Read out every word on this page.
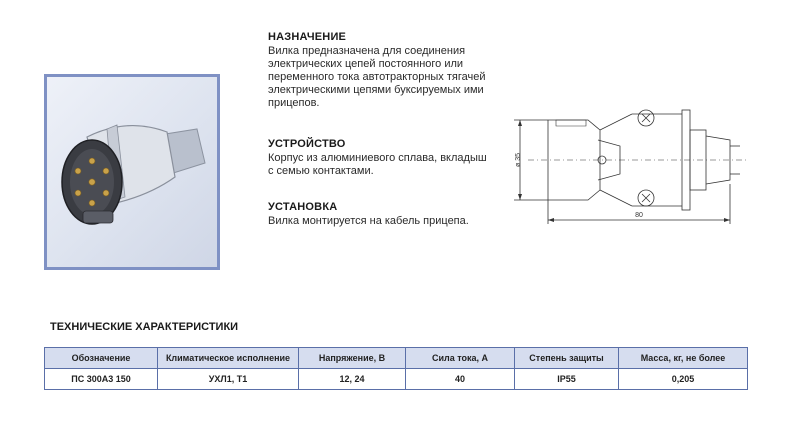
НАЗНАЧЕНИЕ
Вилка предназначена для соединения
электрических цепей постоянного или
переменного тока автотракторных тягачей
электрическими цепями буксируемых ими
прицепов.
УСТРОЙСТВО
Корпус из алюминиевого сплава, вкладыш
с семью контактами.
УСТАНОВКА
Вилка монтируется на кабель прицепа.
ø 35
80
ТЕХНИЧЕСКИЕ ХАРАКТЕРИСТИКИ
Обозначение	Климатическое исполнение	Напряжение, В	Сила тока, А	Степень защиты	Масса, кг, не более
ПС 300А3 150	УХЛ1, Т1	12, 24	40	IP55	0,205
